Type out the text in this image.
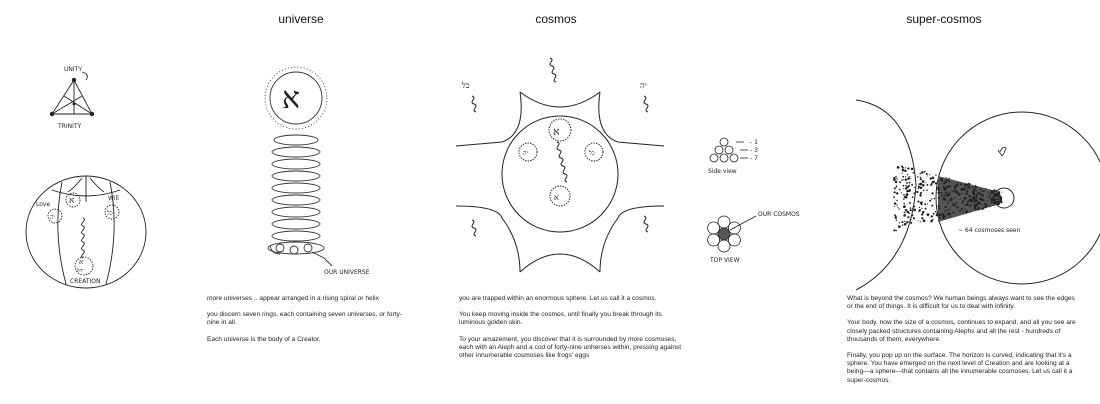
universe	cosmos	super-cosmos
UNITY
TRINITY
א
כל
יה
א
יהל
Love
Will
CREATION
א
OUR UNIVERSE
א
יה	כל
א
כל	יה
- 1
- 3
- 7
Side view
OUR COSMOS
TOP VIEW
~ 64 cosmoses seen

more universes .. appear arranged in a rising spiral or helix

you discern seven rings, each containing seven universes, or forty-nine in all.

Each universe is the body of a Creator.

you are trapped within an enormous sphere. Let us call it a cosmos.

You keep moving inside the cosmos, until finally you break through its luminous golden skin.

To your amazement, you discover that it is surrounded by more cosmoses, each with an Aleph and a cod of forty-nine unherses within, pressing against other innumerable cosmoses like frogs' eggs

What is beyond the cosmos? We human beings always want to see the edges or the end of things. It is difficult for us to deal with infinity.

Your body, now the size of a cosmos, continues to expand, and all you see are closely packed structures containing Alephs and all the rest - hundreds of thousands of them, everywhere.

Finally, you pop up on the surface. The horizon is curved, indicating that it's a sphere. You have emerged on the next level of Creation and are looking at a being—a sphere—that contains all the innumerable cosmoses. Let us call it a super-cosmos.
